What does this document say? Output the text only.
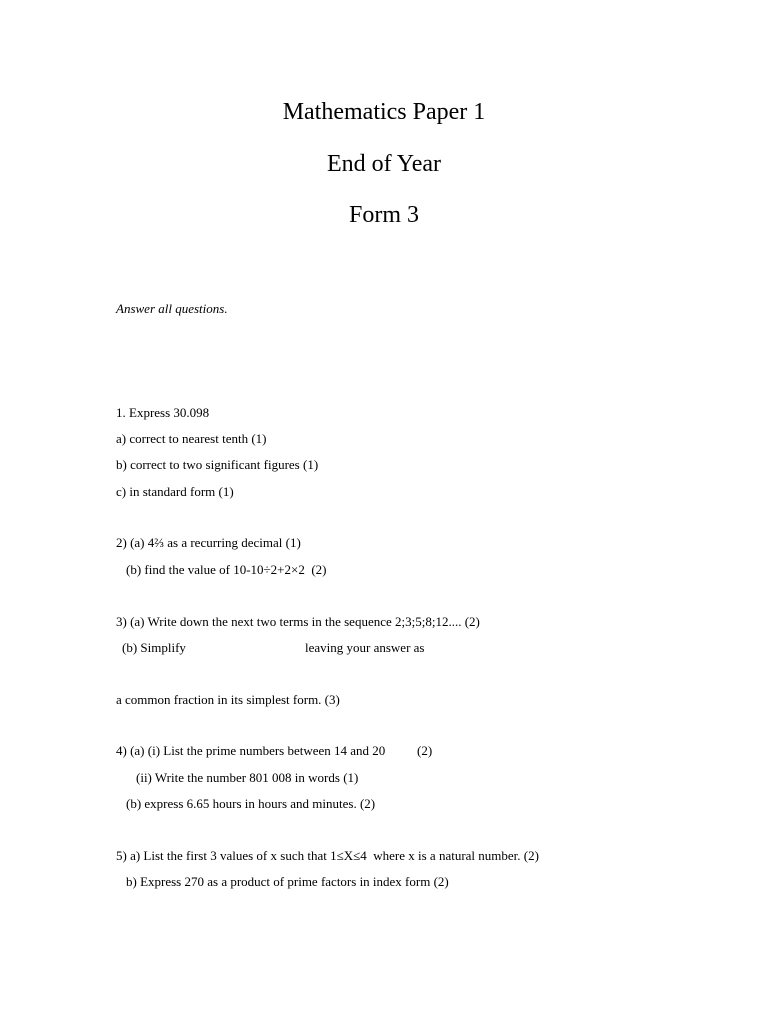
Mathematics Paper 1
End of Year
Form 3

Answer all questions.

1. Express 30.098

a) correct to nearest tenth (1)

b) correct to two significant figures (1)

c) in standard form (1)

2) (a) 4⅔ as a recurring decimal (1)

(b) find the value of 10-10÷2+2×2  (2)

3) (a) Write down the next two terms in the sequence 2;3;5;8;12.... (2)

(b) Simplify	leaving your answer as

a common fraction in its simplest form. (3)

4) (a) (i) List the prime numbers between 14 and 20 (2)

(ii) Write the number 801 008 in words (1)

(b) express 6.65 hours in hours and minutes. (2)

5) a) List the first 3 values of x such that 1≤X≤4  where x is a natural number. (2)

b) Express 270 as a product of prime factors in index form (2)
